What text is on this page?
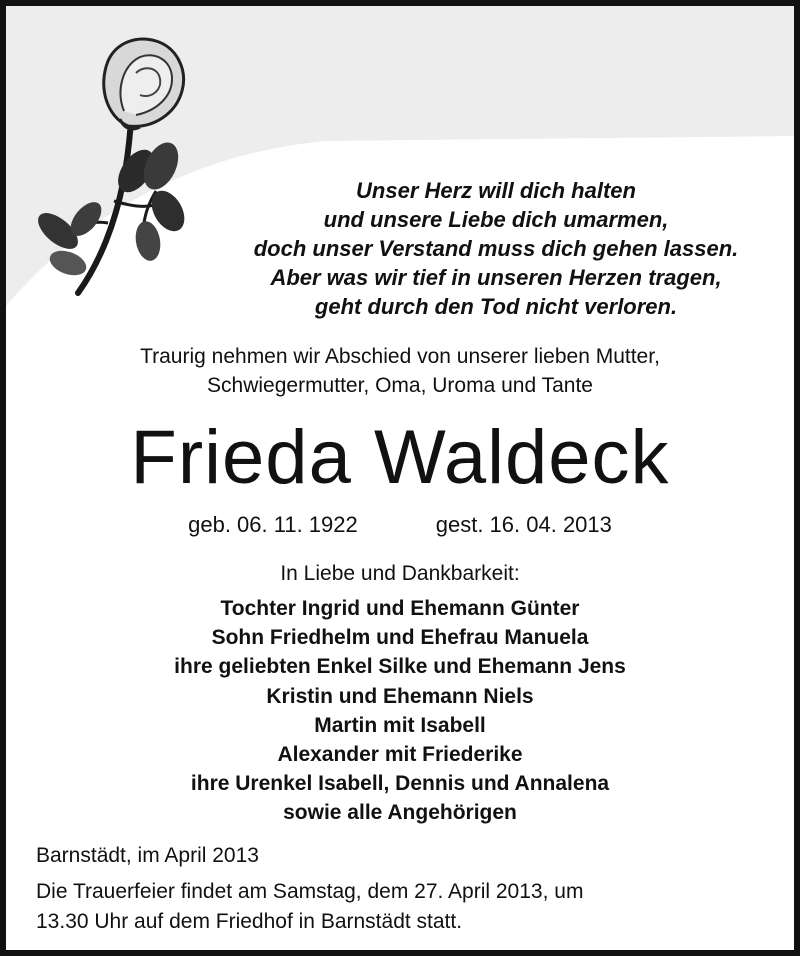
Unser Herz will dich halten
und unsere Liebe dich umarmen,
doch unser Verstand muss dich gehen lassen.
Aber was wir tief in unseren Herzen tragen,
geht durch den Tod nicht verloren.
Traurig nehmen wir Abschied von unserer lieben Mutter,
Schwiegermutter, Oma, Uroma und Tante
Frieda Waldeck
geb. 06. 11. 1922	gest. 16. 04. 2013
In Liebe und Dankbarkeit:
Tochter Ingrid und Ehemann Günter
Sohn Friedhelm und Ehefrau Manuela
ihre geliebten Enkel Silke und Ehemann Jens
Kristin und Ehemann Niels
Martin mit Isabell
Alexander mit Friederike
ihre Urenkel Isabell, Dennis und Annalena
sowie alle Angehörigen
Barnstädt, im April 2013
Die Trauerfeier findet am Samstag, dem 27. April 2013, um
13.30 Uhr auf dem Friedhof in Barnstädt statt.
